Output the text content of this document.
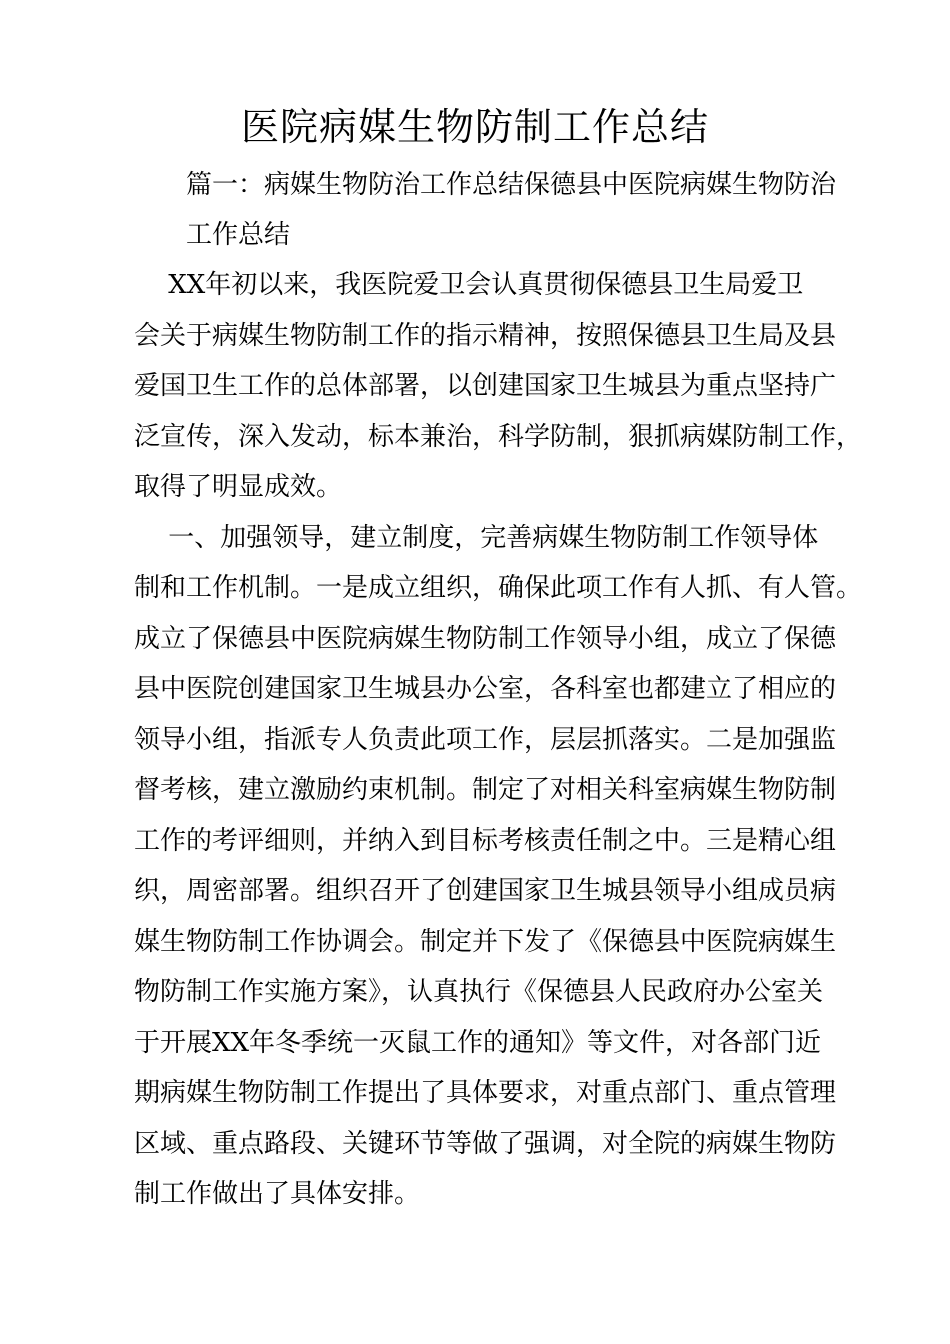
医院病媒生物防制工作总结
篇一：病媒生物防治工作总结保德县中医院病媒生物防治
工作总结

　 XX年初以来，我医院爱卫会认真贯彻保德县卫生局爱卫
会关于病媒生物防制工作的指示精神，按照保德县卫生局及县
爱国卫生工作的总体部署，以创建国家卫生城县为重点坚持广
泛宣传，深入发动，标本兼治，科学防制，狠抓病媒防制工作，
取得了明显成效。

　 一、加强领导，建立制度，完善病媒生物防制工作领导体
制和工作机制。一是成立组织，确保此项工作有人抓、有人管。
成立了保德县中医院病媒生物防制工作领导小组，成立了保德
县中医院创建国家卫生城县办公室，各科室也都建立了相应的
领导小组，指派专人负责此项工作，层层抓落实。二是加强监
督考核，建立激励约束机制。制定了对相关科室病媒生物防制
工作的考评细则，并纳入到目标考核责任制之中。三是精心组
织，周密部署。组织召开了创建国家卫生城县领导小组成员病
媒生物防制工作协调会。制定并下发了《保德县中医院病媒生
物防制工作实施方案》，认真执行《保德县人民政府办公室关
于开展XX年冬季统一灭鼠工作的通知》等文件，对各部门近
期病媒生物防制工作提出了具体要求，对重点部门、重点管理
区域、重点路段、关键环节等做了强调，对全院的病媒生物防
制工作做出了具体安排。
